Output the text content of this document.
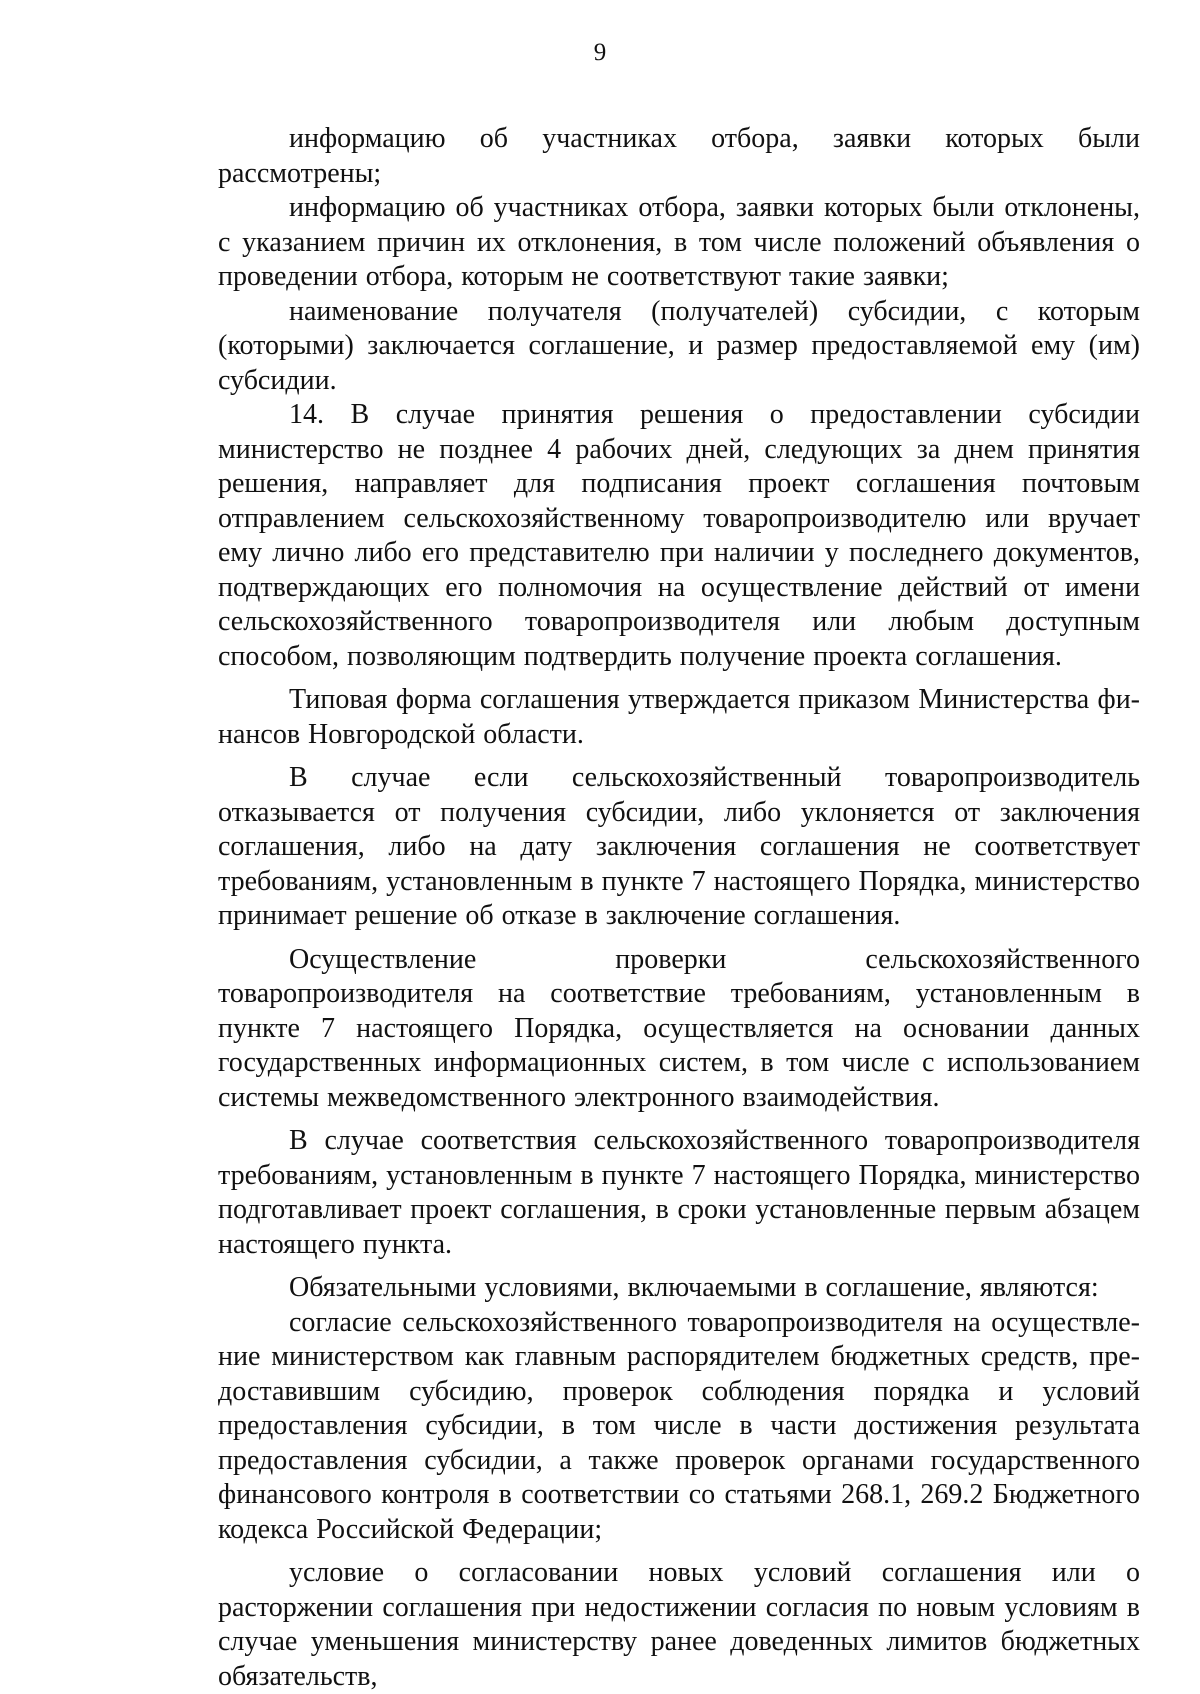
9

информацию об участниках отбора, заявки которых были рассмотрены;

информацию об участниках отбора, заявки которых были отклонены, с указанием причин их отклонения, в том числе положений объявления о проведении отбора, которым не соответствуют такие заявки;

наименование получателя (получателей) субсидии, с которым (которыми) заключается соглашение, и размер предоставляемой ему (им) субсидии.

14. В случае принятия решения о предоставлении субсидии министерство не позднее 4 рабочих дней, следующих за днем принятия решения, направляет для подписания проект соглашения почтовым отправлением сельскохозяйственному товаропроизводителю или вручает ему лично либо его представителю при наличии у последнего документов, подтверждающих его полномочия на осуществление действий от имени сельскохозяйственного товаропроизводителя или любым доступным способом, позволяющим подтвердить получение проекта соглашения.

Типовая форма соглашения утверждается приказом Министерства финансов Новгородской области.

В случае если сельскохозяйственный товаропроизводитель отказывается от получения субсидии, либо уклоняется от заключения соглашения, либо на дату заключения соглашения не соответствует требованиям, установленным в пункте 7 настоящего Порядка, министерство принимает решение об отказе в заключение соглашения.

Осуществление проверки сельскохозяйственного товаропроизводителя на соответствие требованиям, установленным в пункте 7 настоящего Порядка, осуществляется на основании данных государственных информационных систем, в том числе с использованием системы межведомственного электронного взаимодействия.

В случае соответствия сельскохозяйственного товаропроизводителя требованиям, установленным в пункте 7 настоящего Порядка, министерство подготавливает проект соглашения, в сроки установленные первым абзацем настоящего пункта.

Обязательными условиями, включаемыми в соглашение, являются:

согласие сельскохозяйственного товаропроизводителя на осуществление министерством как главным распорядителем бюджетных средств, предоставившим субсидию, проверок соблюдения порядка и условий предоставления субсидии, в том числе в части достижения результата предоставления субсидии, а также проверок органами государственного финансового контроля в соответствии со статьями 268.1, 269.2 Бюджетного кодекса Российской Федерации;

условие о согласовании новых условий соглашения или о расторжении соглашения при недостижении согласия по новым условиям в случае уменьшения министерству ранее доведенных лимитов бюджетных обязательств,
